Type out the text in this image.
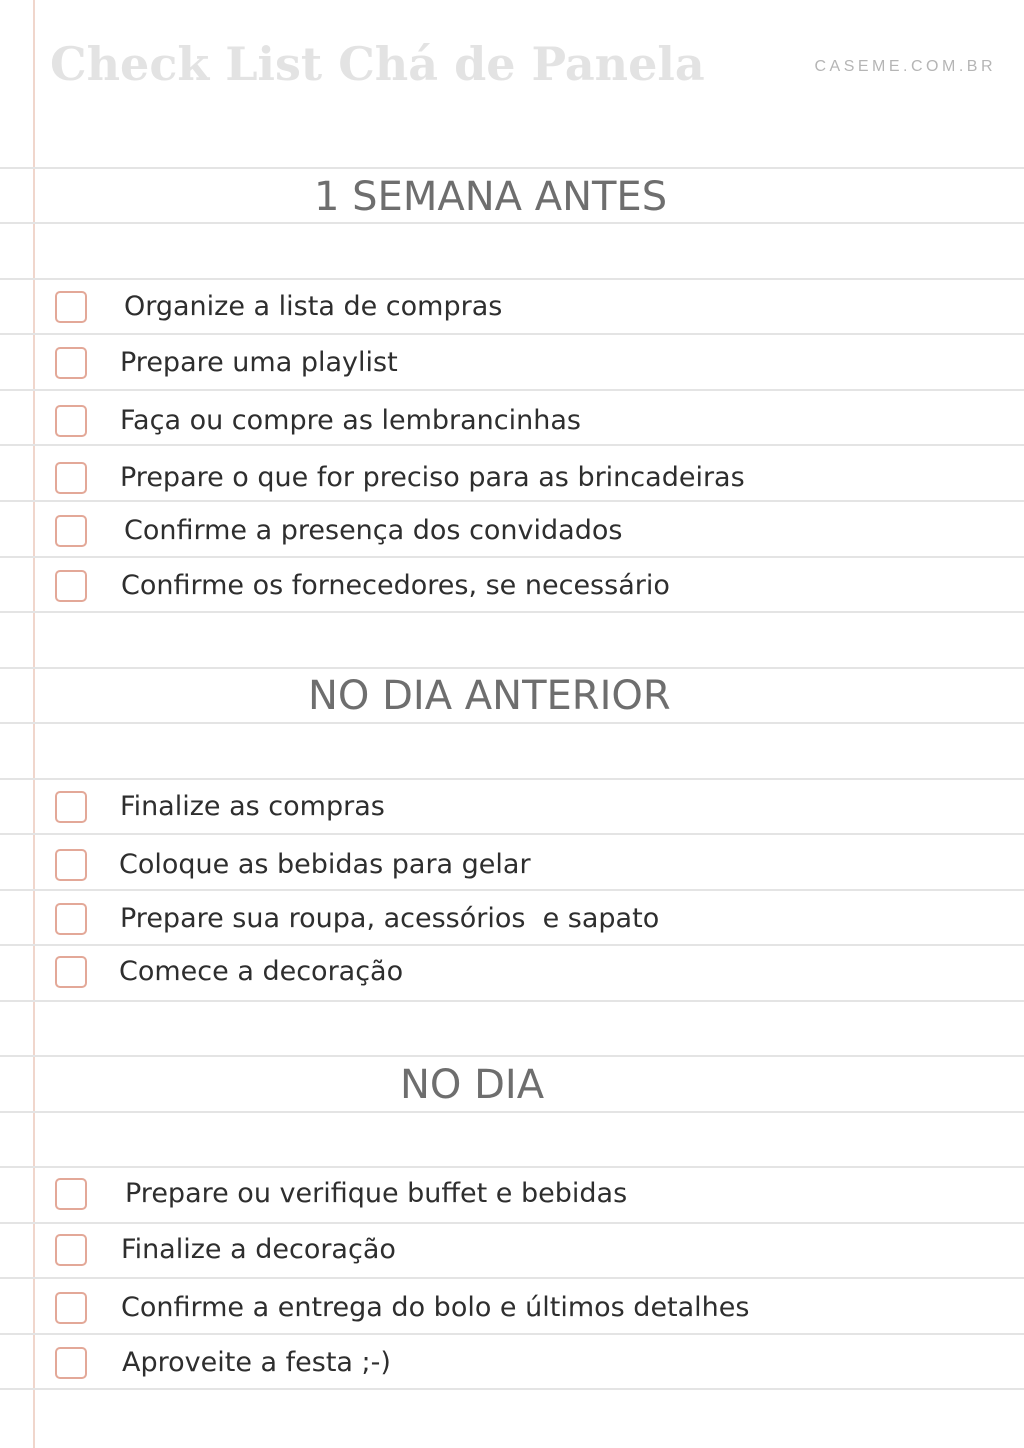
Check List Chá de Panela	CASEME.COM.BR
1 SEMANA ANTES
Organize a lista de compras
Prepare uma playlist
Faça ou compre as lembrancinhas
Prepare o que for preciso para as brincadeiras
Confirme a presença dos convidados
Confirme os fornecedores, se necessário
NO DIA ANTERIOR
Finalize as compras
Coloque as bebidas para gelar
Prepare sua roupa, acessórios  e sapato
Comece a decoração
NO DIA
Prepare ou verifique buffet e bebidas
Finalize a decoração
Confirme a entrega do bolo e últimos detalhes
Aproveite a festa ;-)
